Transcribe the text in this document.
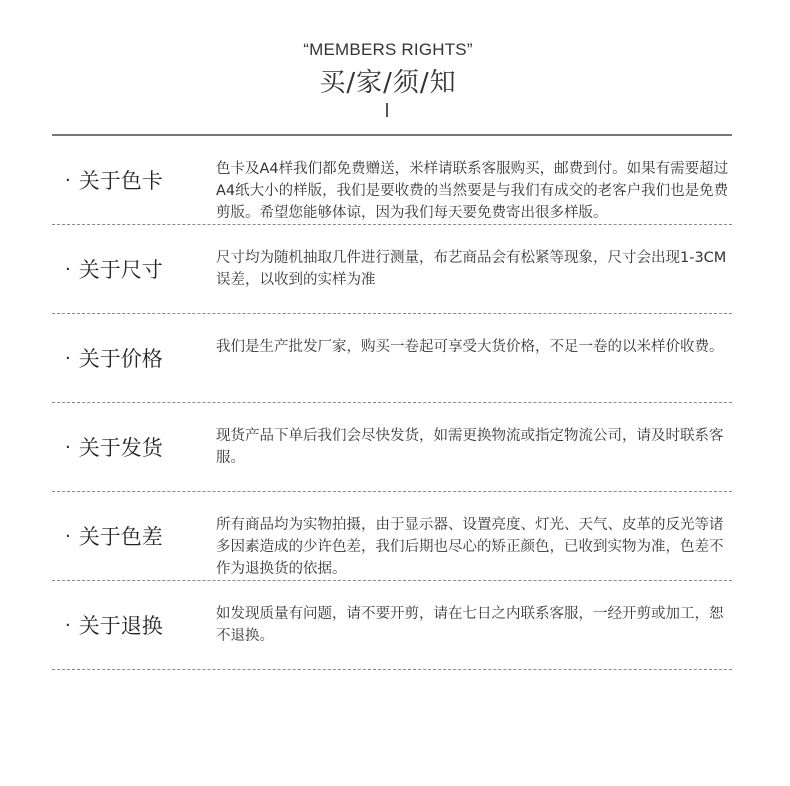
“MEMBERS RIGHTS”
买/家/须/知
· 关于色卡	色卡及A4样我们都免费赠送，米样请联系客服购买，邮费到付。如果有需要超过A4纸大小的样版，我们是要收费的当然要是与我们有成交的老客户我们也是免费剪版。希望您能够体谅，因为我们每天要免费寄出很多样版。
· 关于尺寸	尺寸均为随机抽取几件进行测量，布艺商品会有松紧等现象，尺寸会出现1-3CM误差，以收到的实样为准
· 关于价格	我们是生产批发厂家，购买一卷起可享受大货价格，不足一卷的以米样价收费。
· 关于发货	现货产品下单后我们会尽快发货，如需更换物流或指定物流公司，请及时联系客服。
· 关于色差	所有商品均为实物拍摄，由于显示器、设置亮度、灯光、天气、皮革的反光等诸多因素造成的少许色差，我们后期也尽心的矫正颜色，已收到实物为准，色差不作为退换货的依据。
· 关于退换	如发现质量有问题，请不要开剪，请在七日之内联系客服，一经开剪或加工，恕不退换。
